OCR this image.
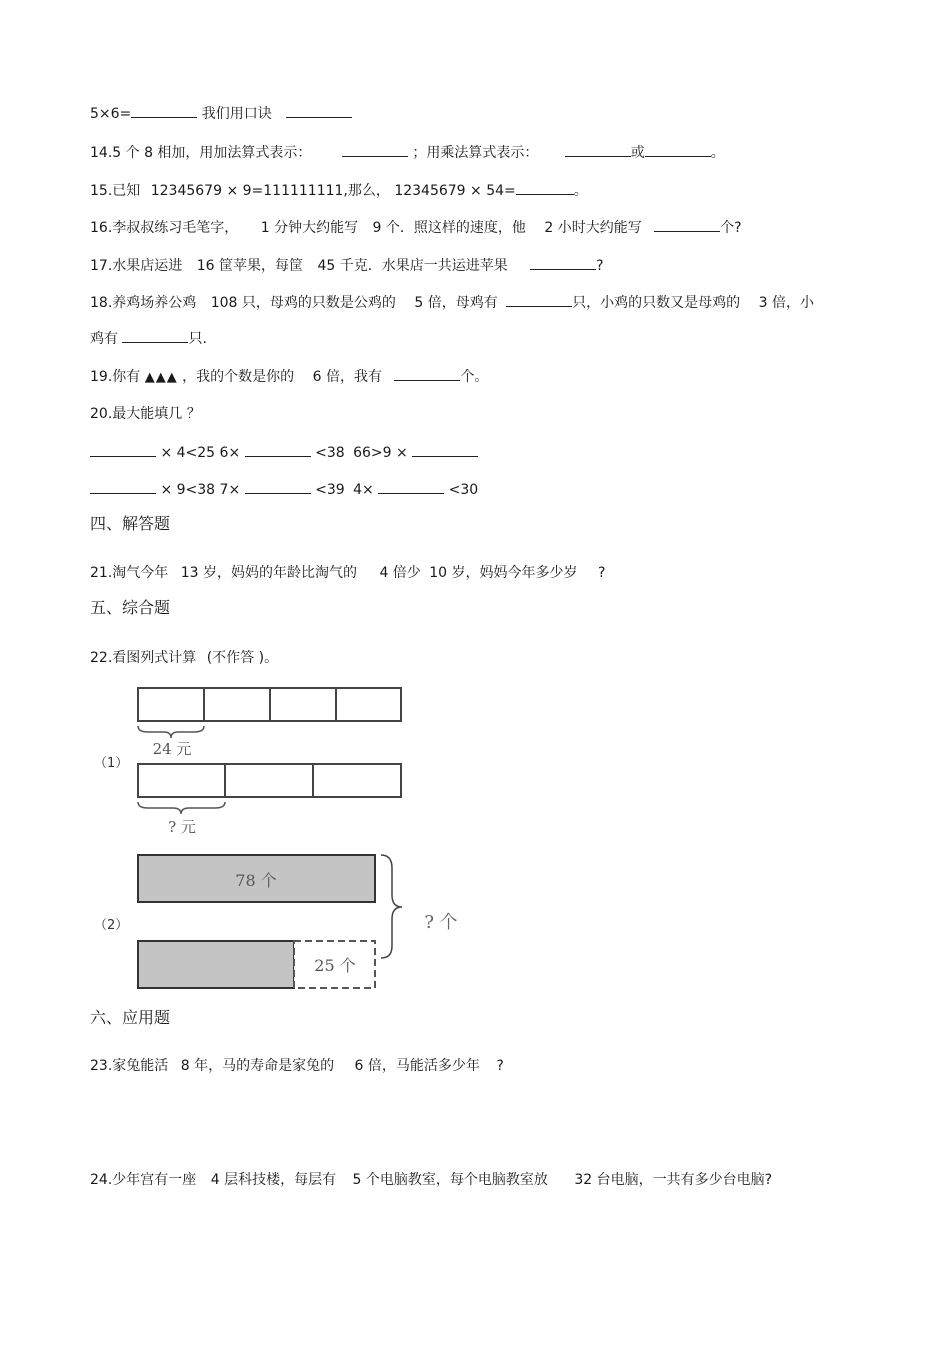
5×6=	我们用口诀
14.5 个 8 相加，用加法算式表示：	；用乘法算式表示：	或	。
15.已知 12345679 × 9=111111111,那么， 12345679 × 54=	。
16.李叔叔练习毛笔字， 1 分钟大约能写 9 个．照这样的速度，他 2 小时大约能写	个?
17.水果店运进 16 筐苹果，每筐 45 千克．水果店一共运进苹果	?
18.养鸡场养公鸡 108 只，母鸡的只数是公鸡的 5 倍，母鸡有	只，小鸡的只数又是母鸡的 3 倍，小
鸡有	只.
19.你有 ▲▲▲ ，我的个数是你的 6 倍，我有	个。
20.最大能填几 ？
× 4<25 6×	<38 66>9 ×
× 9<38 7×	<39 4×	<30
四、解答题
21.淘气今年 13 岁，妈妈的年龄比淘气的 4 倍少 10 岁，妈妈今年多少岁 ?
五、综合题
22.看图列式计算 (不作答 )。
（1）
（2）
24 元
? 元
78 个
25 个
? 个
六、应用题
23.家兔能活 8 年，马的寿命是家兔的 6 倍，马能活多少年 ?
24.少年宫有一座 4 层科技楼，每层有 5 个电脑教室，每个电脑教室放 32 台电脑，一共有多少台电脑?
